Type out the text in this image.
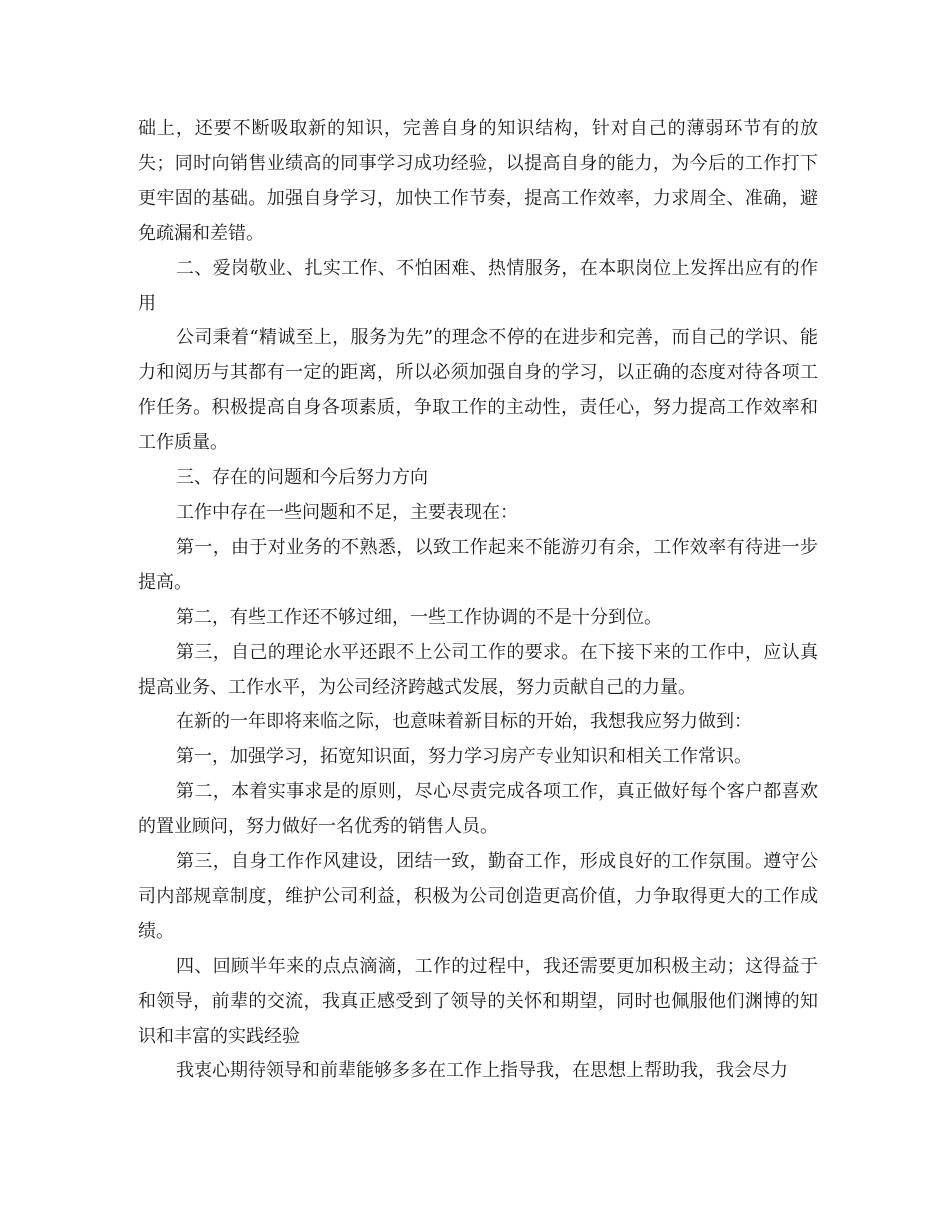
础上，还要不断吸取新的知识，完善自身的知识结构，针对自己的薄弱环节有的放失；同时向销售业绩高的同事学习成功经验，以提高自身的能力，为今后的工作打下更牢固的基础。加强自身学习，加快工作节奏，提高工作效率，力求周全、准确，避免疏漏和差错。

二、爱岗敬业、扎实工作、不怕困难、热情服务，在本职岗位上发挥出应有的作用

公司秉着“精诚至上，服务为先”的理念不停的在进步和完善，而自己的学识、能力和阅历与其都有一定的距离，所以必须加强自身的学习，以正确的态度对待各项工作任务。积极提高自身各项素质，争取工作的主动性，责任心，努力提高工作效率和工作质量。

三、存在的问题和今后努力方向

工作中存在一些问题和不足，主要表现在：

第一，由于对业务的不熟悉，以致工作起来不能游刃有余，工作效率有待进一步提高。

第二，有些工作还不够过细，一些工作协调的不是十分到位。

第三，自己的理论水平还跟不上公司工作的要求。在下接下来的工作中，应认真提高业务、工作水平，为公司经济跨越式发展，努力贡献自己的力量。

在新的一年即将来临之际，也意味着新目标的开始，我想我应努力做到：

第一，加强学习，拓宽知识面，努力学习房产专业知识和相关工作常识。

第二，本着实事求是的原则，尽心尽责完成各项工作，真正做好每个客户都喜欢的置业顾问，努力做好一名优秀的销售人员。

第三，自身工作作风建设，团结一致，勤奋工作，形成良好的工作氛围。遵守公司内部规章制度，维护公司利益，积极为公司创造更高价值，力争取得更大的工作成绩。

四、回顾半年来的点点滴滴，工作的过程中，我还需要更加积极主动；这得益于和领导，前辈的交流，我真正感受到了领导的关怀和期望，同时也佩服他们渊博的知识和丰富的实践经验

我衷心期待领导和前辈能够多多在工作上指导我，在思想上帮助我，我会尽力
